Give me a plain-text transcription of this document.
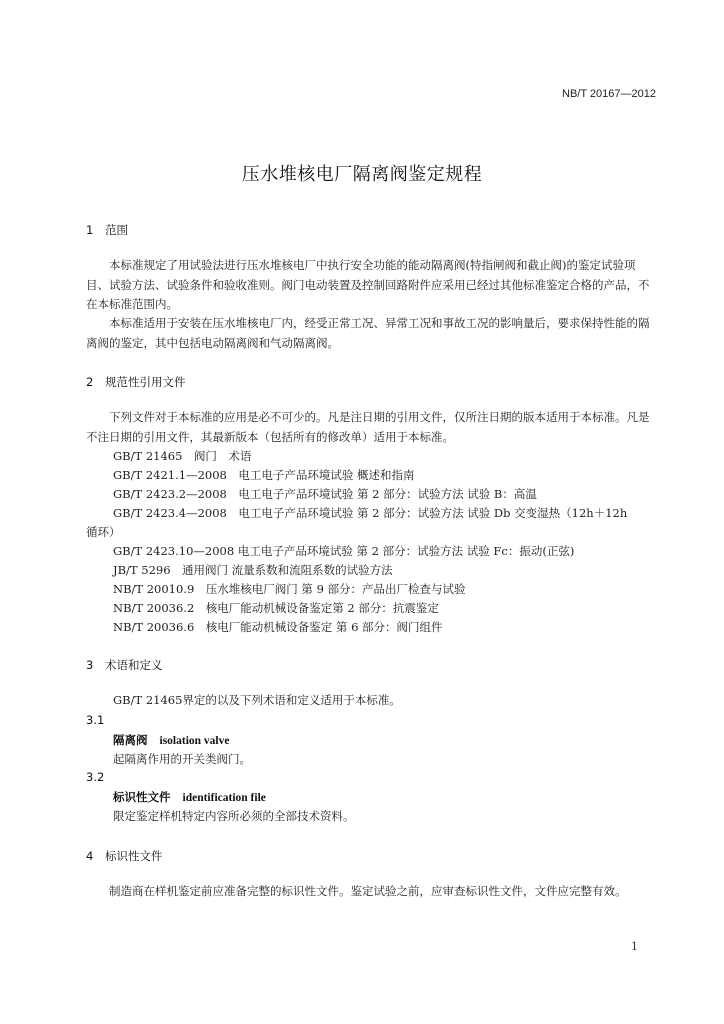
NB/T 20167—2012
压水堆核电厂隔离阀鉴定规程
1 范围
本标准规定了用试验法进行压水堆核电厂中执行安全功能的能动隔离阀(特指闸阀和截止阀)的鉴定试验项目、试验方法、试验条件和验收准则。阀门电动装置及控制回路附件应采用已经过其他标准鉴定合格的产品，不在本标准范围内。
本标准适用于安装在压水堆核电厂内，经受正常工况、异常工况和事故工况的影响量后，要求保持性能的隔离阀的鉴定，其中包括电动隔离阀和气动隔离阀。
2 规范性引用文件
下列文件对于本标准的应用是必不可少的。凡是注日期的引用文件，仅所注日期的版本适用于本标准。凡是不注日期的引用文件，其最新版本（包括所有的修改单）适用于本标准。
GB/T 21465　阀门　术语
GB/T 2421.1—2008　电工电子产品环境试验 概述和指南
GB/T 2423.2—2008　电工电子产品环境试验 第 2 部分：试验方法 试验 B：高温
GB/T 2423.4—2008　电工电子产品环境试验 第 2 部分：试验方法 试验 Db 交变湿热（12h＋12h
循环）
GB/T 2423.10—2008 电工电子产品环境试验 第 2 部分：试验方法 试验 Fc：振动(正弦)
JB/T 5296　通用阀门 流量系数和流阻系数的试验方法
NB/T 20010.9　压水堆核电厂阀门 第 9 部分：产品出厂检查与试验
NB/T 20036.2　核电厂能动机械设备鉴定第 2 部分：抗震鉴定
NB/T 20036.6　核电厂能动机械设备鉴定 第 6 部分：阀门组件
3 术语和定义
GB/T 21465界定的以及下列术语和定义适用于本标准。
3.1
隔离阀 isolation valve
起隔离作用的开关类阀门。
3.2
标识性文件 identification file
限定鉴定样机特定内容所必须的全部技术资料。
4 标识性文件
制造商在样机鉴定前应准备完整的标识性文件。鉴定试验之前，应审查标识性文件，文件应完整有效。
1
